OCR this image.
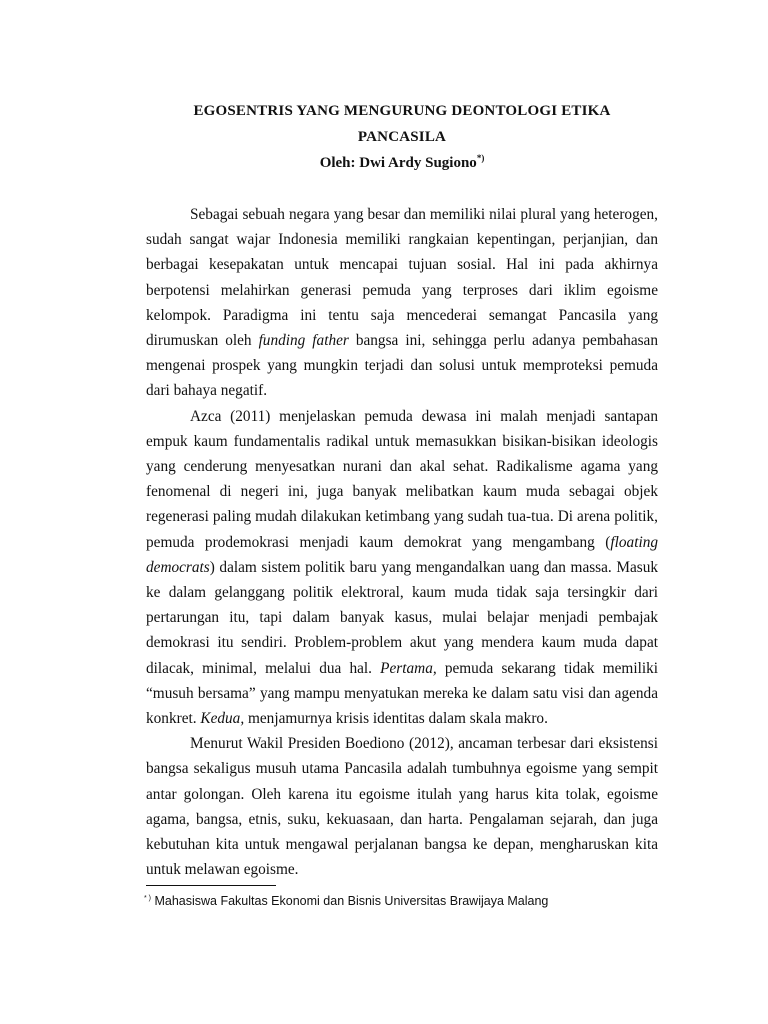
EGOSENTRIS YANG MENGURUNG DEONTOLOGI ETIKA
PANCASILA
Oleh: Dwi Ardy Sugiono*)

Sebagai sebuah negara yang besar dan memiliki nilai plural yang heterogen, sudah sangat wajar Indonesia memiliki rangkaian kepentingan, perjanjian, dan berbagai kesepakatan untuk mencapai tujuan sosial. Hal ini pada akhirnya berpotensi melahirkan generasi pemuda yang terproses dari iklim egoisme kelompok. Paradigma ini tentu saja mencederai semangat Pancasila yang dirumuskan oleh funding father bangsa ini, sehingga perlu adanya pembahasan mengenai prospek yang mungkin terjadi dan solusi untuk memproteksi pemuda dari bahaya negatif.

Azca (2011) menjelaskan pemuda dewasa ini malah menjadi santapan empuk kaum fundamentalis radikal untuk memasukkan bisikan-bisikan ideologis yang cenderung menyesatkan nurani dan akal sehat. Radikalisme agama yang fenomenal di negeri ini, juga banyak melibatkan kaum muda sebagai objek regenerasi paling mudah dilakukan ketimbang yang sudah tua-tua. Di arena politik, pemuda prodemokrasi menjadi kaum demokrat yang mengambang (floating democrats) dalam sistem politik baru yang mengandalkan uang dan massa. Masuk ke dalam gelanggang politik elektroral, kaum muda tidak saja tersingkir dari pertarungan itu, tapi dalam banyak kasus, mulai belajar menjadi pembajak demokrasi itu sendiri. Problem-problem akut yang mendera kaum muda dapat dilacak, minimal, melalui dua hal. Pertama, pemuda sekarang tidak memiliki “musuh bersama” yang mampu menyatukan mereka ke dalam satu visi dan agenda konkret. Kedua, menjamurnya krisis identitas dalam skala makro.

Menurut Wakil Presiden Boediono (2012), ancaman terbesar dari eksistensi bangsa sekaligus musuh utama Pancasila adalah tumbuhnya egoisme yang sempit antar golongan. Oleh karena itu egoisme itulah yang harus kita tolak, egoisme agama, bangsa, etnis, suku, kekuasaan, dan harta. Pengalaman sejarah, dan juga kebutuhan kita untuk mengawal perjalanan bangsa ke depan, mengharuskan kita untuk melawan egoisme.

* ) Mahasiswa Fakultas Ekonomi dan Bisnis Universitas Brawijaya Malang
